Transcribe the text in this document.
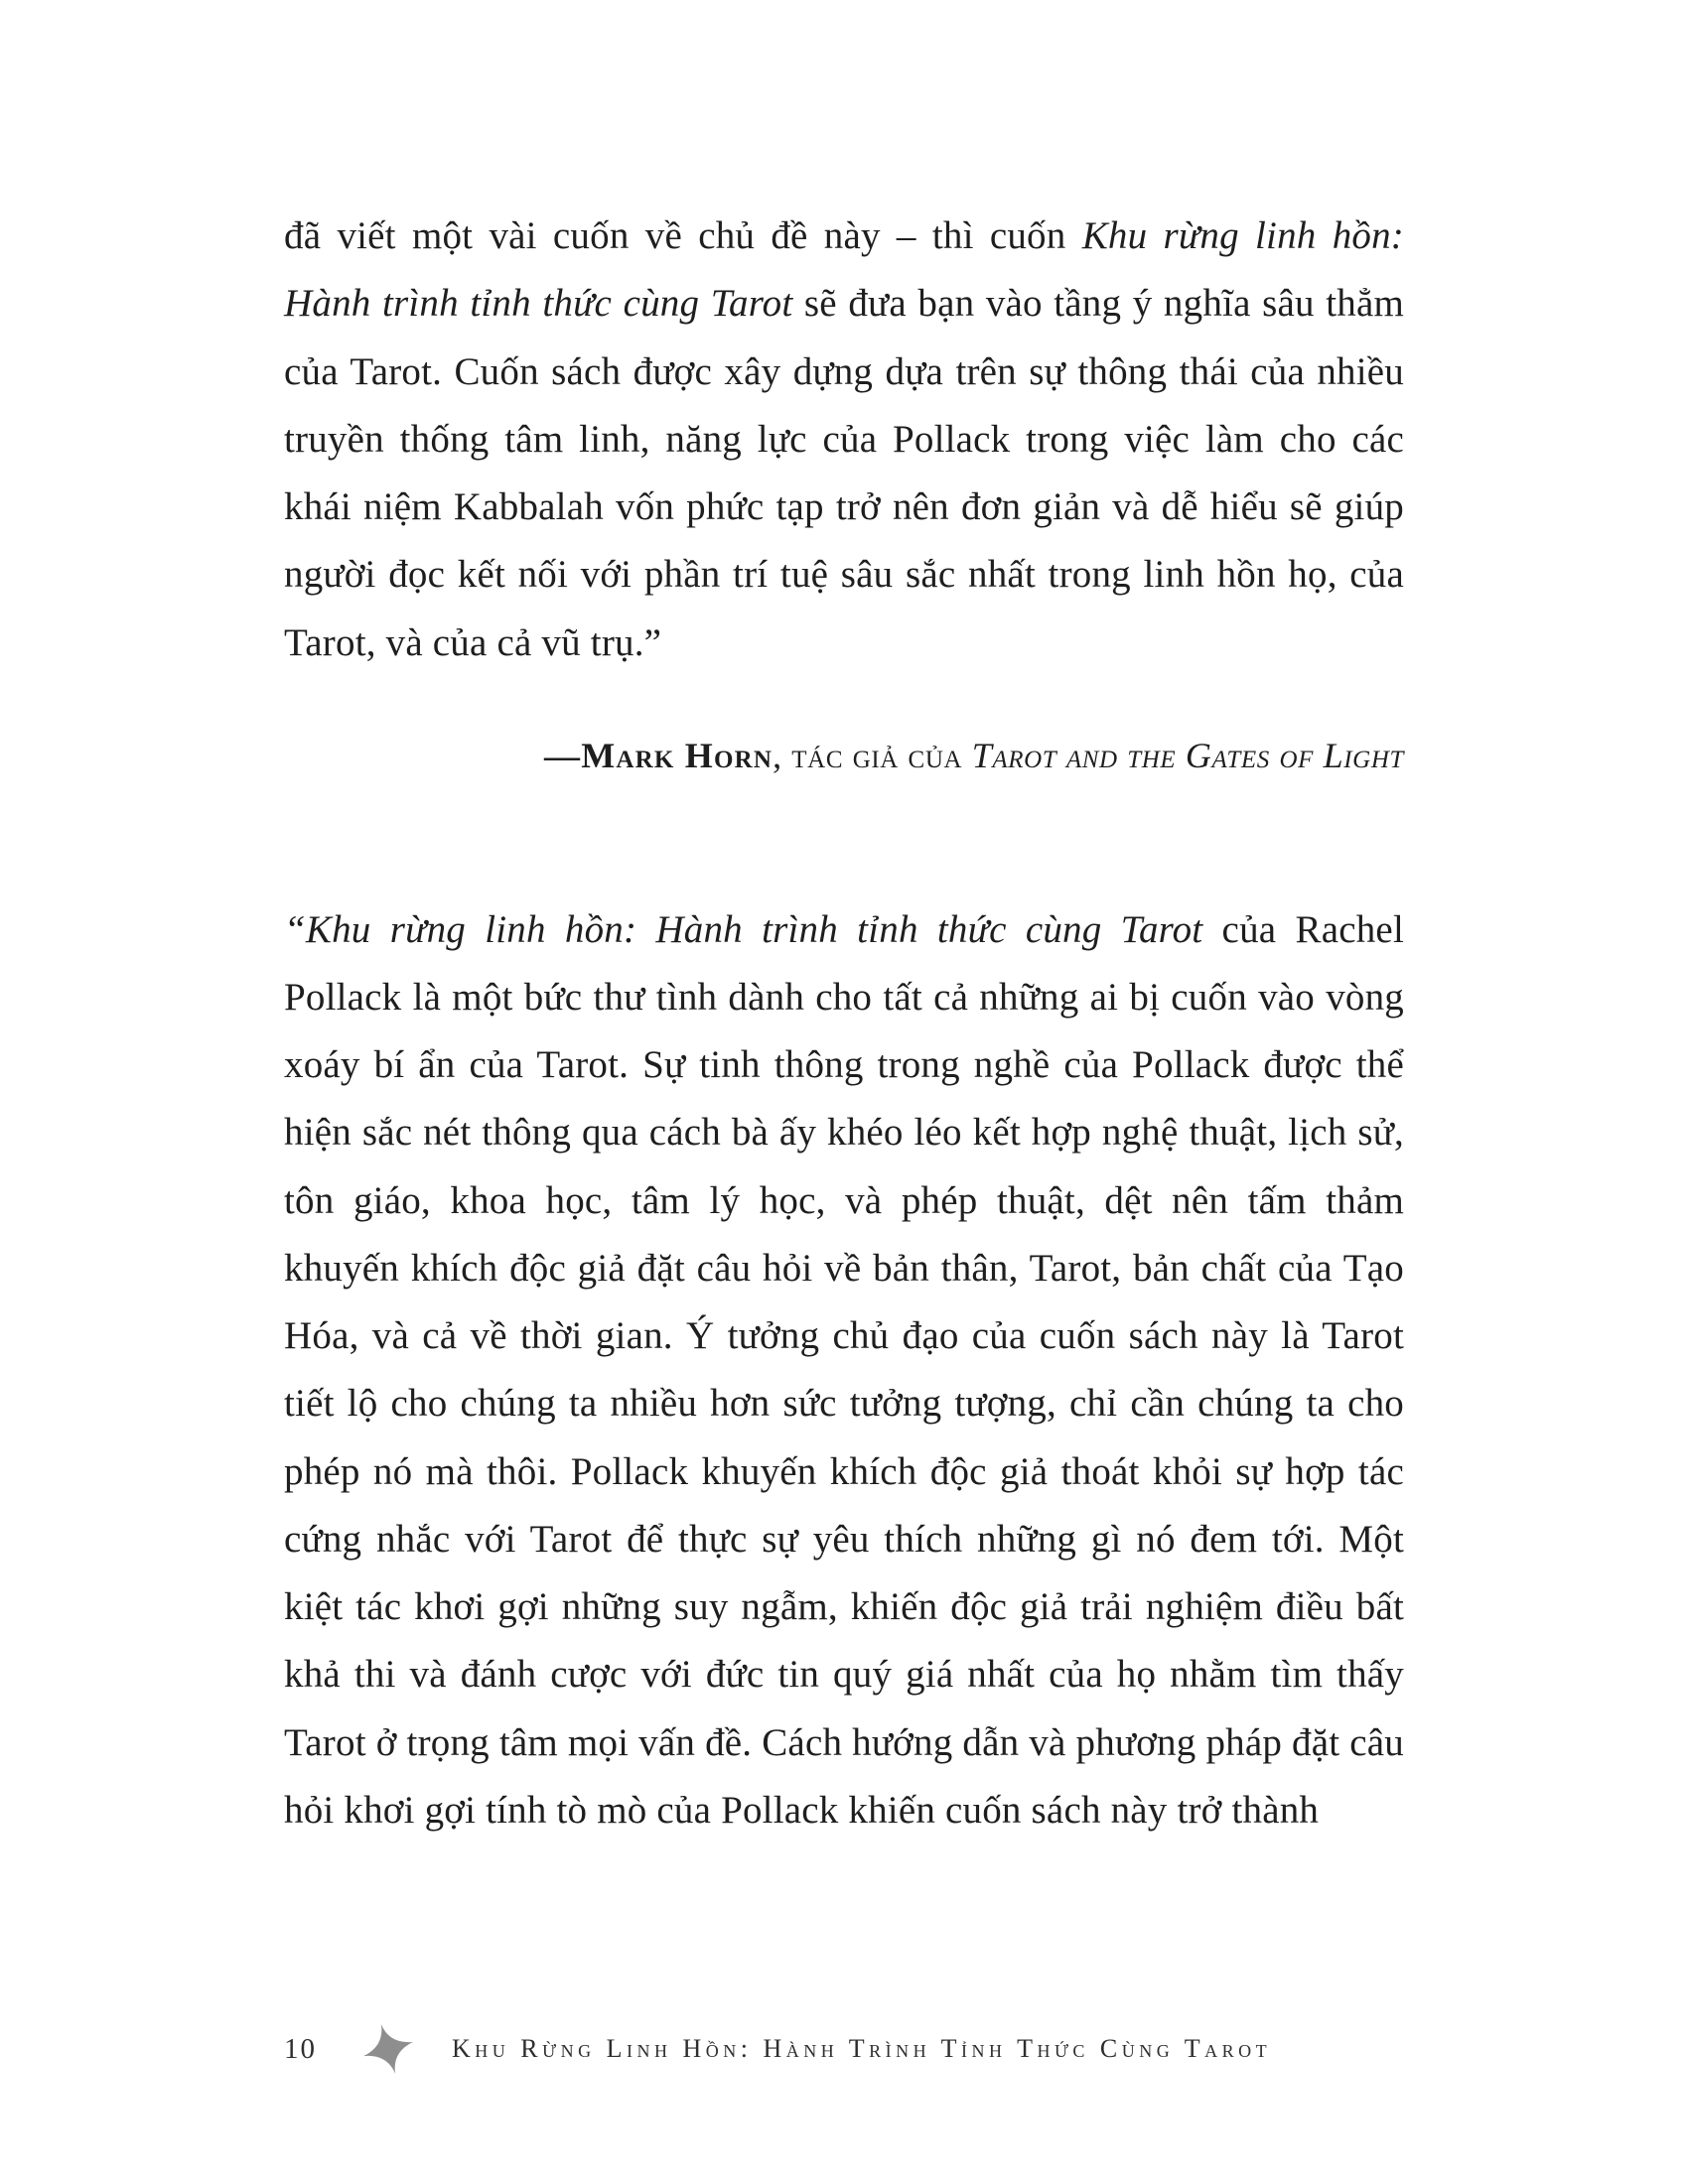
đã viết một vài cuốn về chủ đề này – thì cuốn Khu rừng linh hồn: Hành trình tỉnh thức cùng Tarot sẽ đưa bạn vào tầng ý nghĩa sâu thẳm của Tarot. Cuốn sách được xây dựng dựa trên sự thông thái của nhiều truyền thống tâm linh, năng lực của Pollack trong việc làm cho các khái niệm Kabbalah vốn phức tạp trở nên đơn giản và dễ hiểu sẽ giúp người đọc kết nối với phần trí tuệ sâu sắc nhất trong linh hồn họ, của Tarot, và của cả vũ trụ.”

—Mark Horn, tác giả của Tarot and the Gates of Light

“Khu rừng linh hồn: Hành trình tỉnh thức cùng Tarot của Rachel Pollack là một bức thư tình dành cho tất cả những ai bị cuốn vào vòng xoáy bí ẩn của Tarot. Sự tinh thông trong nghề của Pollack được thể hiện sắc nét thông qua cách bà ấy khéo léo kết hợp nghệ thuật, lịch sử, tôn giáo, khoa học, tâm lý học, và phép thuật, dệt nên tấm thảm khuyến khích độc giả đặt câu hỏi về bản thân, Tarot, bản chất của Tạo Hóa, và cả về thời gian. Ý tưởng chủ đạo của cuốn sách này là Tarot tiết lộ cho chúng ta nhiều hơn sức tưởng tượng, chỉ cần chúng ta cho phép nó mà thôi. Pollack khuyến khích độc giả thoát khỏi sự hợp tác cứng nhắc với Tarot để thực sự yêu thích những gì nó đem tới. Một kiệt tác khơi gợi những suy ngẫm, khiến độc giả trải nghiệm điều bất khả thi và đánh cược với đức tin quý giá nhất của họ nhằm tìm thấy Tarot ở trọng tâm mọi vấn đề. Cách hướng dẫn và phương pháp đặt câu hỏi khơi gợi tính tò mò của Pollack khiến cuốn sách này trở thành

10	Khu Rừng Linh Hồn: Hành Trình Tỉnh Thức Cùng Tarot
